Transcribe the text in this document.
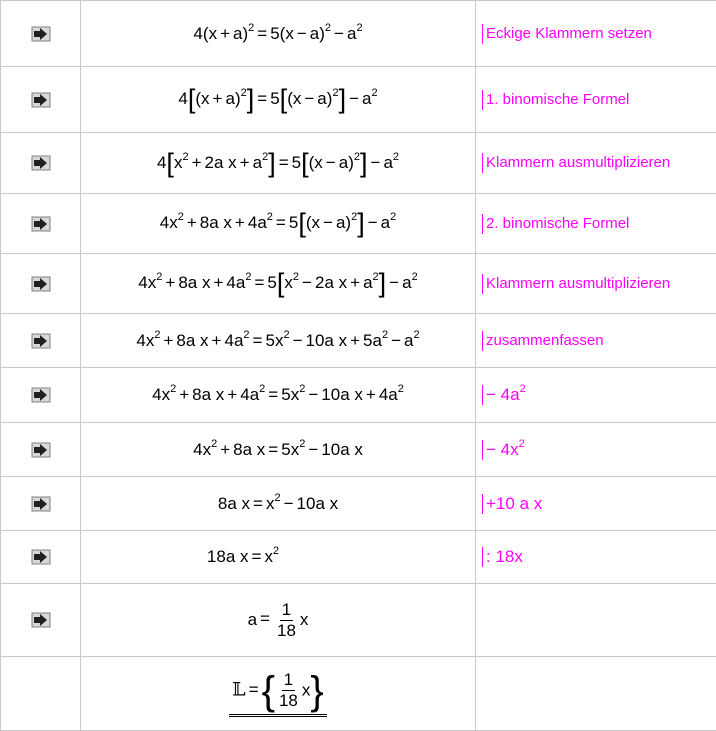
	$4(x + a)^2 = 5(x - a)^2 - a^2$	Eckige Klammern setzen
	$4[(x + a)^2] = 5[(x - a)^2] - a^2$	1. binomische Formel
	$4[x^2 + 2a$ $x + a^2] = 5[(x - a)^2] - a^2$	Klammern ausmultiplizieren
	$4x^2 + 8a$ $x + 4a^2 = 5[(x - a)^2] - a^2$	2. binomische Formel
	$4x^2 + 8a$ $x + 4a^2 = 5[x^2 - 2a$ $x + a^2] - a^2$	Klammern ausmultiplizieren
	$4x^2 + 8a$ $x + 4a^2 = 5x^2 - 10a$ $x + 5a^2 - a^2$	zusammenfassen
	$4x^2 + 8a$ $x + 4a^2 = 5x^2 - 10a$ $x + 4a^2$	− $4a^2$
	$4x^2 + 8a$ $x = 5x^2 - 10a$ x	− $4x^2$
	8a $x = x^2 - 10a$ x	+10 a x
	18a $x = x^2$	: 18x
	$a = \frac{1}{18}$ x	
	𝕃 ={ $\frac{1}{18} x$}	
